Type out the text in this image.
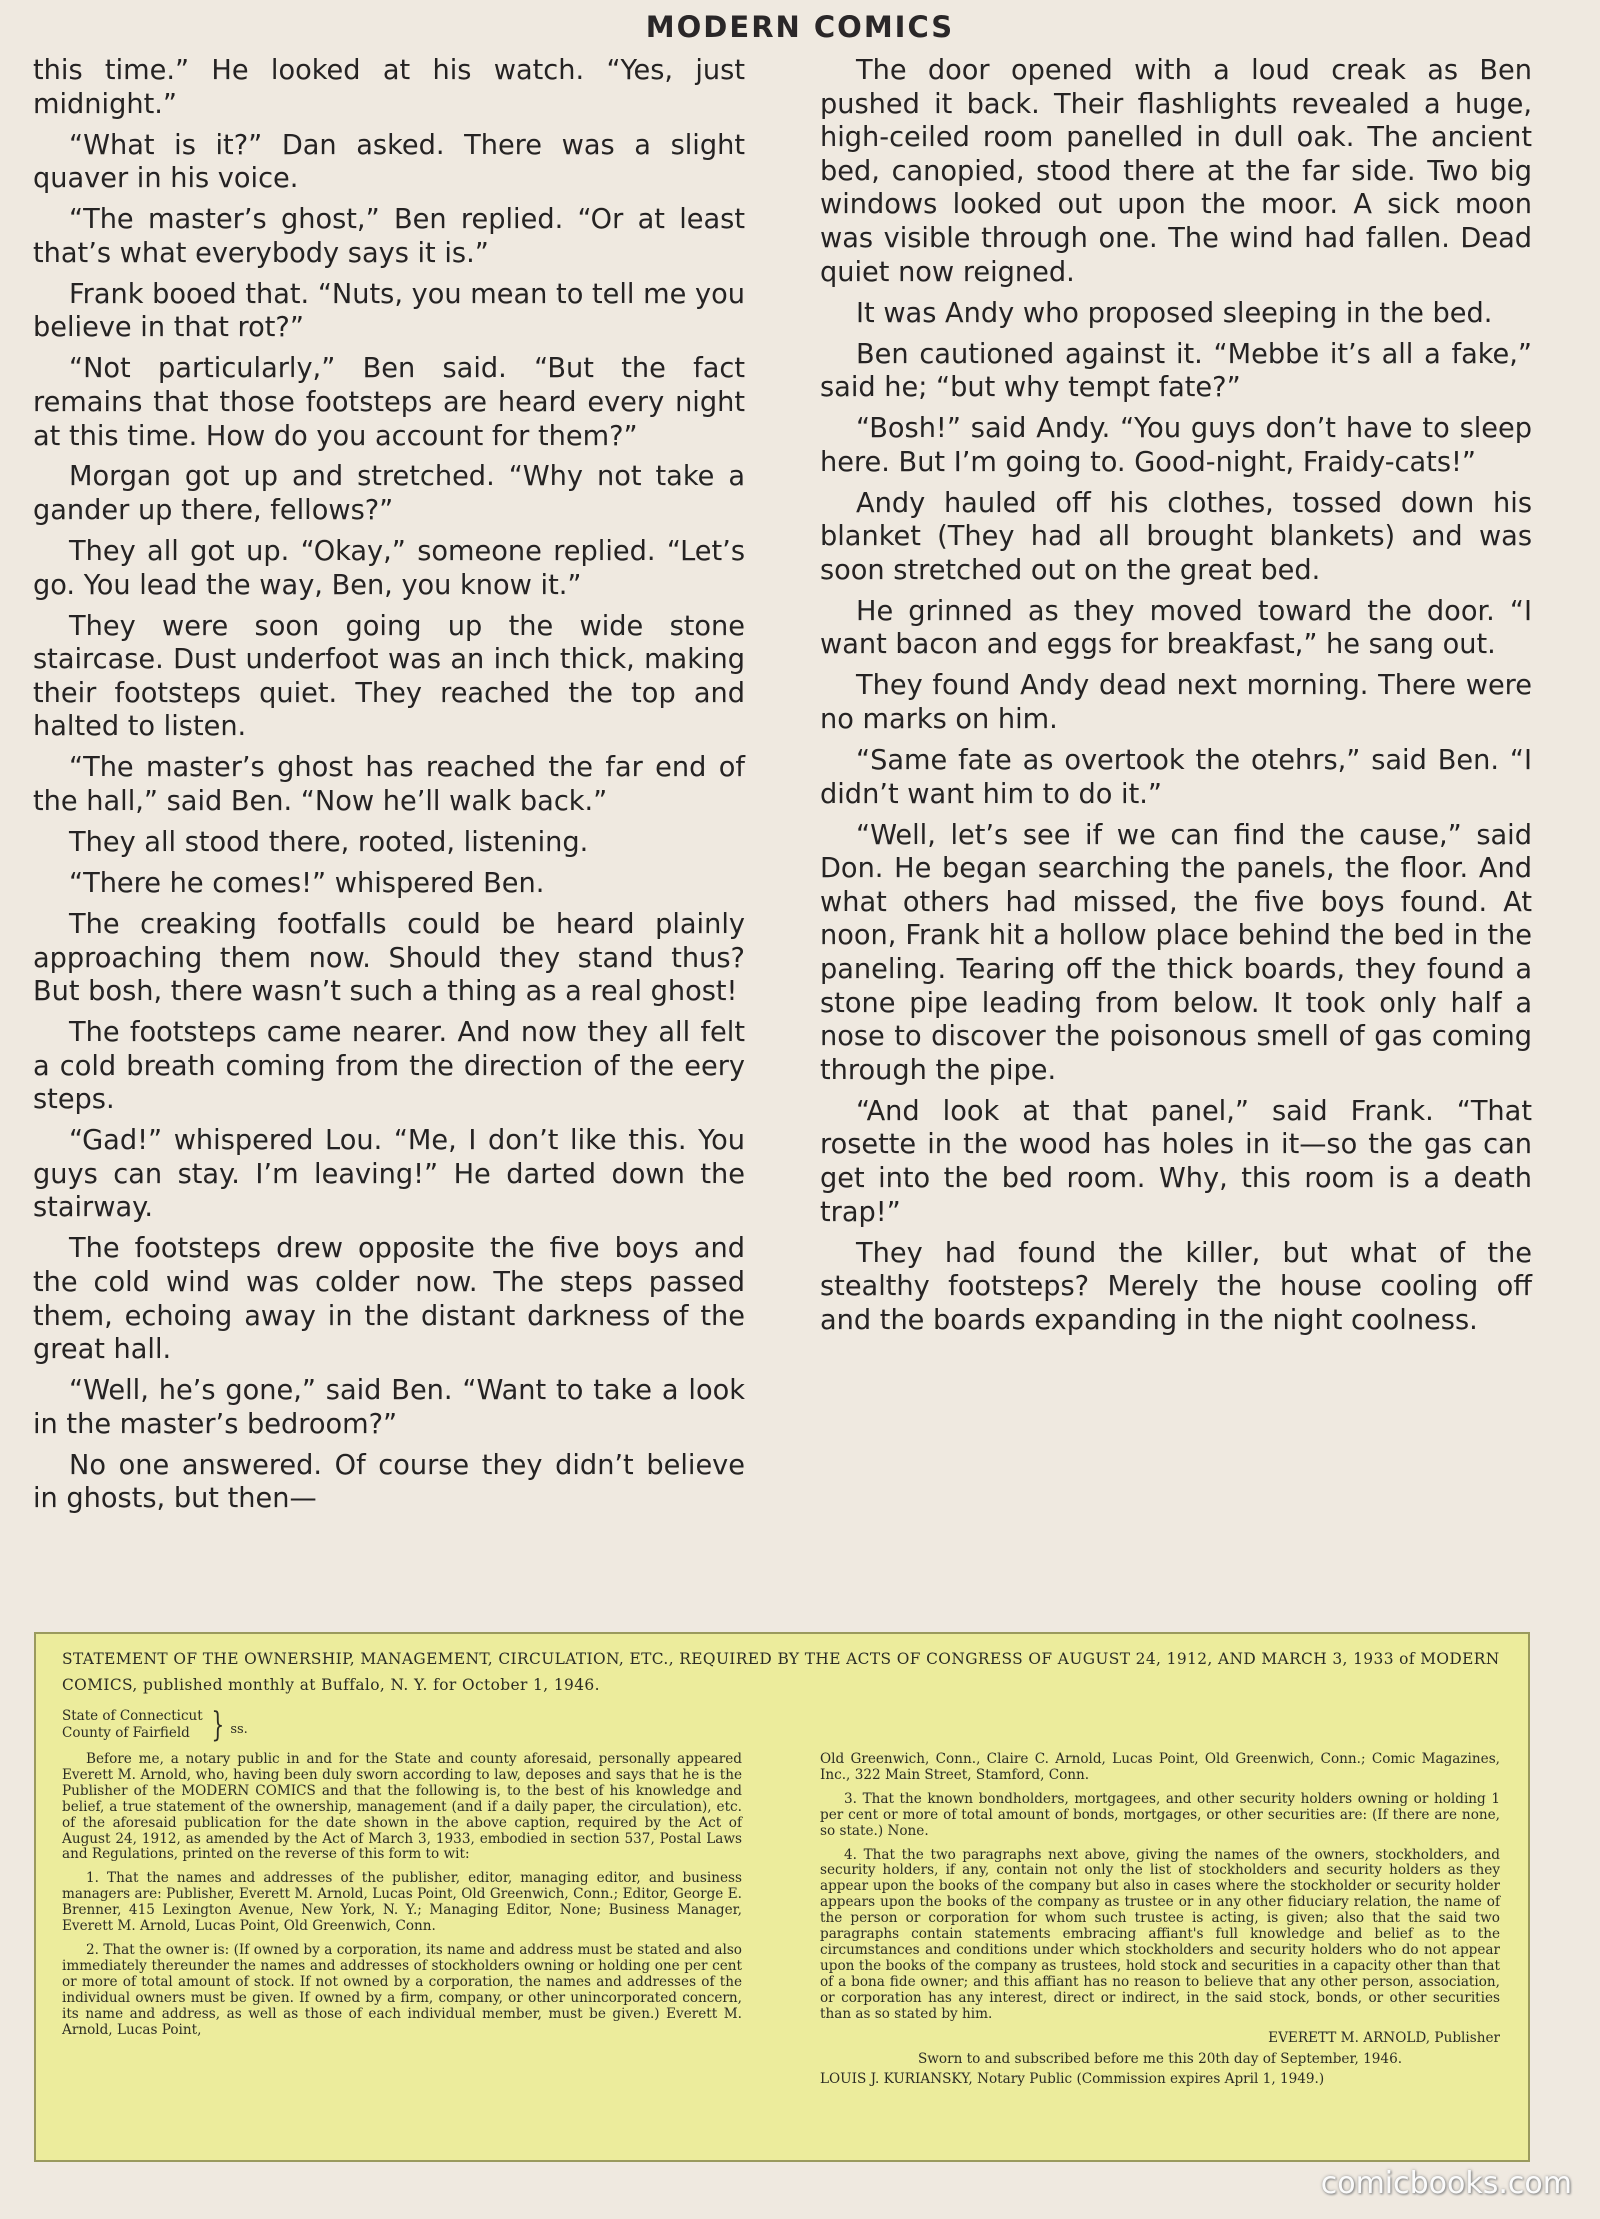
MODERN COMICS

this time.” He looked at his watch. “Yes, just midnight.”

“What is it?” Dan asked. There was a slight quaver in his voice.

“The master’s ghost,” Ben replied. “Or at least that’s what everybody says it is.”

Frank booed that. “Nuts, you mean to tell me you believe in that rot?”

“Not particularly,” Ben said. “But the fact remains that those footsteps are heard every night at this time. How do you account for them?”

Morgan got up and stretched. “Why not take a gander up there, fellows?”

They all got up. “Okay,” someone replied. “Let’s go. You lead the way, Ben, you know it.”

They were soon going up the wide stone staircase. Dust underfoot was an inch thick, making their footsteps quiet. They reached the top and halted to listen.

“The master’s ghost has reached the far end of the hall,” said Ben. “Now he’ll walk back.”

They all stood there, rooted, listening.

“There he comes!” whispered Ben.

The creaking footfalls could be heard plainly approaching them now. Should they stand thus? But bosh, there wasn’t such a thing as a real ghost!

The footsteps came nearer. And now they all felt a cold breath coming from the direction of the eery steps.

“Gad!” whispered Lou. “Me, I don’t like this. You guys can stay. I’m leaving!” He darted down the stairway.

The footsteps drew opposite the five boys and the cold wind was colder now. The steps passed them, echoing away in the distant darkness of the great hall.

“Well, he’s gone,” said Ben. “Want to take a look in the master’s bedroom?”

No one answered. Of course they didn’t believe in ghosts, but then—

The door opened with a loud creak as Ben pushed it back. Their flashlights revealed a huge, high-ceiled room panelled in dull oak. The ancient bed, canopied, stood there at the far side. Two big windows looked out upon the moor. A sick moon was visible through one. The wind had fallen. Dead quiet now reigned.

It was Andy who proposed sleeping in the bed.

Ben cautioned against it. “Mebbe it’s all a fake,” said he; “but why tempt fate?”

“Bosh!” said Andy. “You guys don’t have to sleep here. But I’m going to. Good-night, Fraidy-cats!”

Andy hauled off his clothes, tossed down his blanket (They had all brought blankets) and was soon stretched out on the great bed.

He grinned as they moved toward the door. “I want bacon and eggs for breakfast,” he sang out.

They found Andy dead next morning. There were no marks on him.

“Same fate as overtook the otehrs,” said Ben. “I didn’t want him to do it.”

“Well, let’s see if we can find the cause,” said Don. He began searching the panels, the floor. And what others had missed, the five boys found. At noon, Frank hit a hollow place behind the bed in the paneling. Tearing off the thick boards, they found a stone pipe leading from below. It took only half a nose to discover the poisonous smell of gas coming through the pipe.

“And look at that panel,” said Frank. “That rosette in the wood has holes in it—so the gas can get into the bed room. Why, this room is a death trap!”

They had found the killer, but what of the stealthy footsteps? Merely the house cooling off and the boards expanding in the night coolness.

STATEMENT OF THE OWNERSHIP, MANAGEMENT, CIRCULATION, ETC., REQUIRED BY THE ACTS OF CONGRESS OF AUGUST 24, 1912, AND MARCH 3, 1933 of MODERN COMICS, published monthly at Buffalo, N. Y. for October 1, 1946.
State of Connecticut
County of Fairfield } ss.

Before me, a notary public in and for the State and county aforesaid, personally appeared Everett M. Arnold, who, having been duly sworn according to law, deposes and says that he is the Publisher of the MODERN COMICS and that the following is, to the best of his knowledge and belief, a true statement of the ownership, management (and if a daily paper, the circulation), etc. of the aforesaid publication for the date shown in the above caption, required by the Act of August 24, 1912, as amended by the Act of March 3, 1933, embodied in section 537, Postal Laws and Regulations, printed on the reverse of this form to wit:

1. That the names and addresses of the publisher, editor, managing editor, and business managers are: Publisher, Everett M. Arnold, Lucas Point, Old Greenwich, Conn.; Editor, George E. Brenner, 415 Lexington Avenue, New York, N. Y.; Managing Editor, None; Business Manager, Everett M. Arnold, Lucas Point, Old Greenwich, Conn.

2. That the owner is: (If owned by a corporation, its name and address must be stated and also immediately thereunder the names and addresses of stockholders owning or holding one per cent or more of total amount of stock. If not owned by a corporation, the names and addresses of the individual owners must be given. If owned by a firm, company, or other unincorporated concern, its name and address, as well as those of each individual member, must be given.) Everett M. Arnold, Lucas Point,

Old Greenwich, Conn., Claire C. Arnold, Lucas Point, Old Greenwich, Conn.; Comic Magazines, Inc., 322 Main Street, Stamford, Conn.

3. That the known bondholders, mortgagees, and other security holders owning or holding 1 per cent or more of total amount of bonds, mortgages, or other securities are: (If there are none, so state.) None.

4. That the two paragraphs next above, giving the names of the owners, stockholders, and security holders, if any, contain not only the list of stockholders and security holders as they appear upon the books of the company but also in cases where the stockholder or security holder appears upon the books of the company as trustee or in any other fiduciary relation, the name of the person or corporation for whom such trustee is acting, is given; also that the said two paragraphs contain statements embracing affiant's full knowledge and belief as to the circumstances and conditions under which stockholders and security holders who do not appear upon the books of the company as trustees, hold stock and securities in a capacity other than that of a bona fide owner; and this affiant has no reason to believe that any other person, association, or corporation has any interest, direct or indirect, in the said stock, bonds, or other securities than as so stated by him.

EVERETT M. ARNOLD, Publisher

Sworn to and subscribed before me this 20th day of September, 1946.

LOUIS J. KURIANSKY, Notary Public (Commission expires April 1, 1949.)

comicbooks.com
